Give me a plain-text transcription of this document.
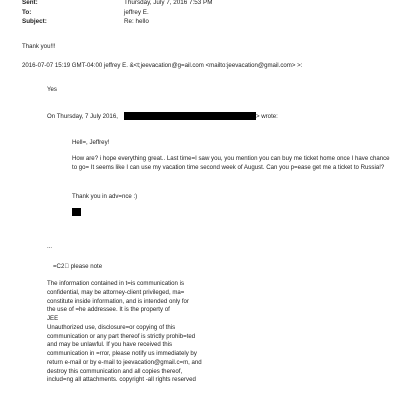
Sent:	Thursday, July 7, 2016 7:53 PM
To:	jeffrey E.
Subject:	Re: hello
Thank you!!!
2016-07-07 15:19 GMT-04:00 jeffrey E. &<t;jeevacation@g=ail.com <mailto:jeevacation@gmail.com> >:
Yes
On Thursday, 7 July 2016,	> wrote:
Hell=, Jeffrey!
How are? i hope everything great.. Last time=I saw you, you mention you can buy me ticket home once I have chance to go= It seems like I can use my vacation time second week of August. Can you p=ease get me a ticket to Russia!?
Thank you in adv=nce :)
...
=C2  please note
The information contained in t=is communication is
confidential, may be attorney-client privileged, ma=
constitute inside information, and is intended only for
the use of =he addressee. It is the property of
JEE
Unauthorized use, disclosure=or copying of this
communication or any part thereof is strictly prohib=ted
and may be unlawful. If you have received this
communication in =rror, please notify us immediately by
return e-mail or by e-mail to jeevacation@gmail.c=m, and
destroy this communication and all copies thereof,
includ=ng all attachments. copyright -all rights reserved
